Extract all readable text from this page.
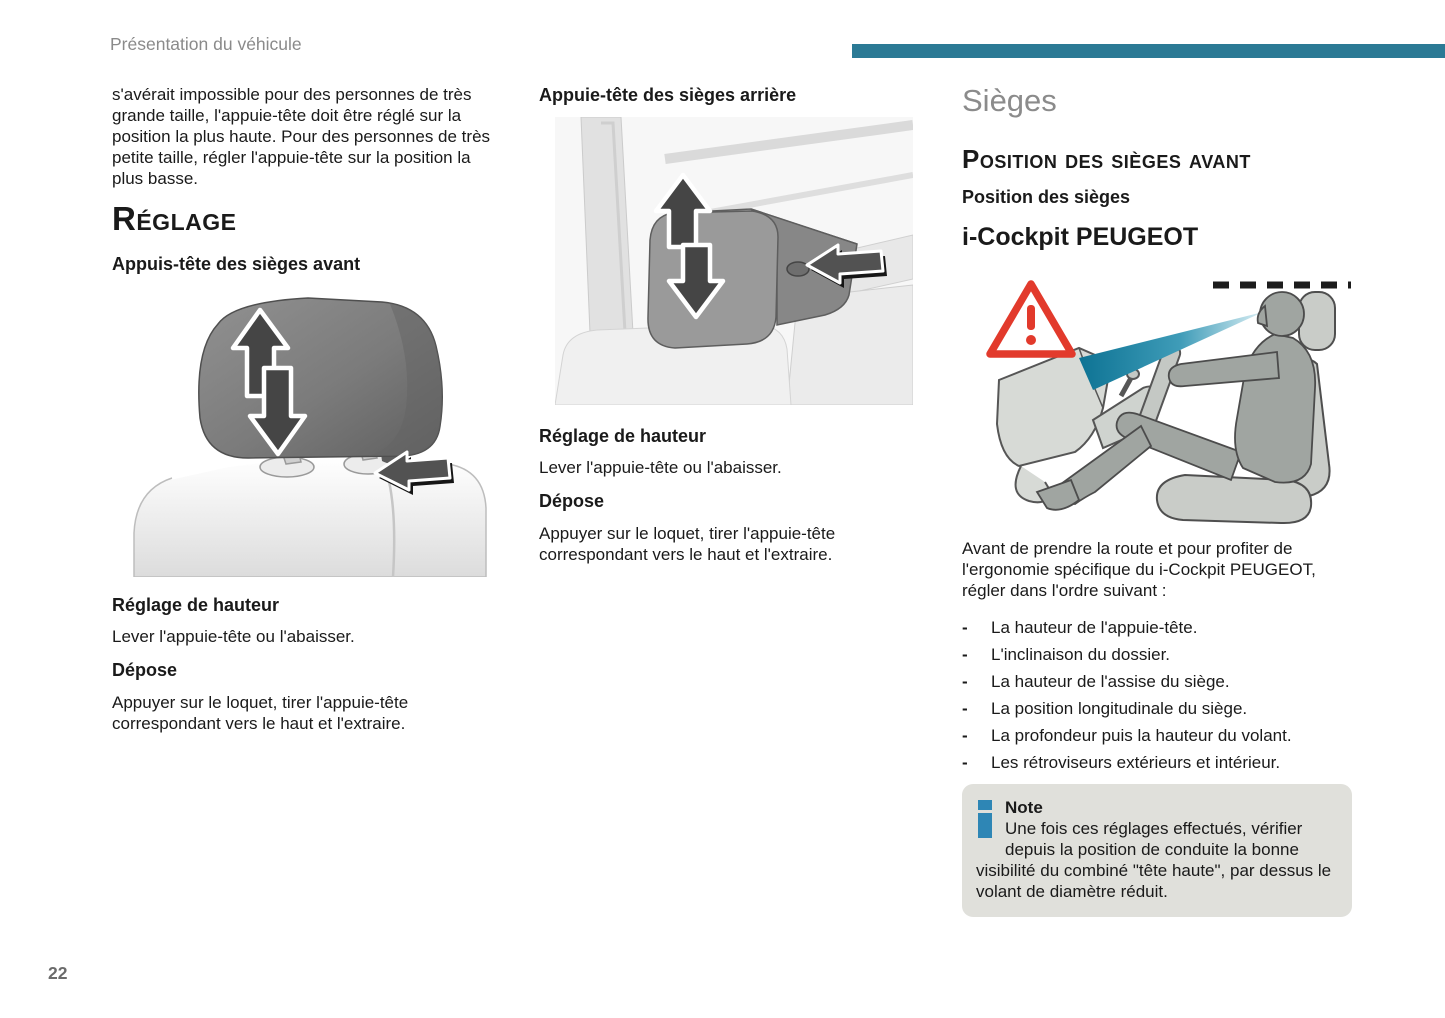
Présentation du véhicule

s'avérait impossible pour des personnes de très grande taille, l'appuie-tête doit être réglé sur la position la plus haute. Pour des personnes de très petite taille, régler l'appuie-tête sur la position la plus basse.

Réglage
Appuis-tête des sièges avant
Réglage de hauteur

Lever l'appuie-tête ou l'abaisser.

Dépose

Appuyer sur le loquet, tirer l'appuie-tête correspondant vers le haut et l'extraire.

Appuie-tête des sièges arrière
Réglage de hauteur

Lever l'appuie-tête ou l'abaisser.

Dépose

Appuyer sur le loquet, tirer l'appuie-tête correspondant vers le haut et l'extraire.

Sièges
Position des sièges avant
Position des sièges
i-Cockpit PEUGEOT

Avant de prendre la route et pour profiter de l'ergonomie spécifique du i-Cockpit PEUGEOT, régler dans l'ordre suivant :

-	La hauteur de l'appuie-tête.
-	L'inclinaison du dossier.
-	La hauteur de l'assise du siège.
-	La position longitudinale du siège.
-	La profondeur puis la hauteur du volant.
-	Les rétroviseurs extérieurs et intérieur.
Note
Une fois ces réglages effectués, vérifier depuis la position de conduite la bonne visibilité du combiné "tête haute", par dessus le volant de diamètre réduit.
22
